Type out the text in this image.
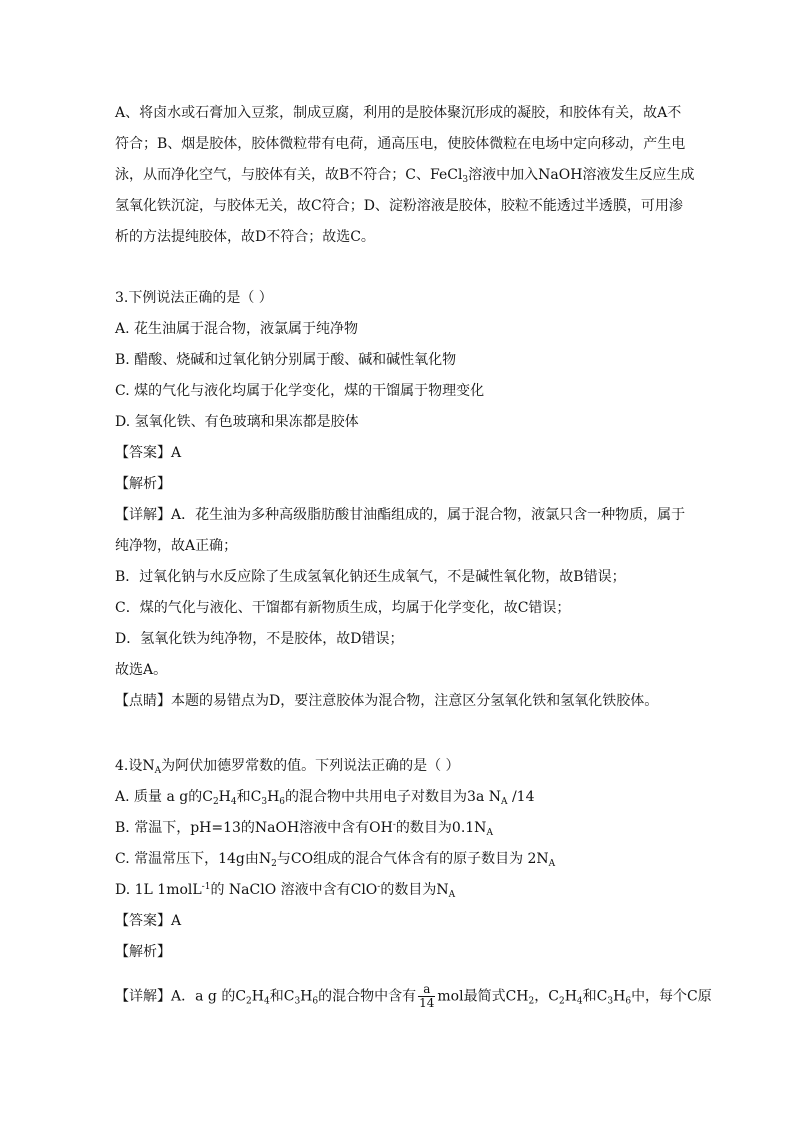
A、将卤水或石膏加入豆浆，制成豆腐，利用的是胶体聚沉形成的凝胶，和胶体有关，故A不
符合；B、烟是胶体，胶体微粒带有电荷，通高压电，使胶体微粒在电场中定向移动，产生电
泳，从而净化空气，与胶体有关，故B不符合；C、FeCl$_3$溶液中加入NaOH溶液发生反应生成
氢氧化铁沉淀，与胶体无关，故C符合；D、淀粉溶液是胶体，胶粒不能透过半透膜，可用渗
析的方法提纯胶体，故D不符合；故选C。
3.下例说法正确的是（ ）
A. 花生油属于混合物，液氯属于纯净物
B. 醋酸、烧碱和过氧化钠分别属于酸、碱和碱性氧化物
C. 煤的气化与液化均属于化学变化，煤的干馏属于物理变化
D. 氢氧化铁、有色玻璃和果冻都是胶体
【答案】A
【解析】
【详解】A．花生油为多种高级脂肪酸甘油酯组成的，属于混合物，液氯只含一种物质，属于
纯净物，故A正确；
B．过氧化钠与水反应除了生成氢氧化钠还生成氧气，不是碱性氧化物，故B错误；
C．煤的气化与液化、干馏都有新物质生成，均属于化学变化，故C错误；
D．氢氧化铁为纯净物，不是胶体，故D错误；
故选A。
【点睛】本题的易错点为D，要注意胶体为混合物，注意区分氢氧化铁和氢氧化铁胶体。
4.设$N_A$为阿伏加德罗常数的值。下列说法正确的是（ ）
A. 质量 a g的$C_2H_4$和$C_3H_6$的混合物中共用电子对数目为3a $N_A$ /14
B. 常温下，pH=13的NaOH溶液中含有OH-的数目为$0.1N_A$
C. 常温常压下，14g由$N_2$与CO组成的混合气体含有的原子数目为 $2N_A$
D. 1L 1molL$^{-1}$的 NaClO 溶液中含有ClO-的数目为$N_A$
【答案】A
【解析】
【详解】A．a g 的$C_2H_4$和$C_3H_6$的混合物中含有 $\frac{a}{14}$ mol最简式$CH_2$，$C_2H_4$和$C_3H_6$中，每个C原
